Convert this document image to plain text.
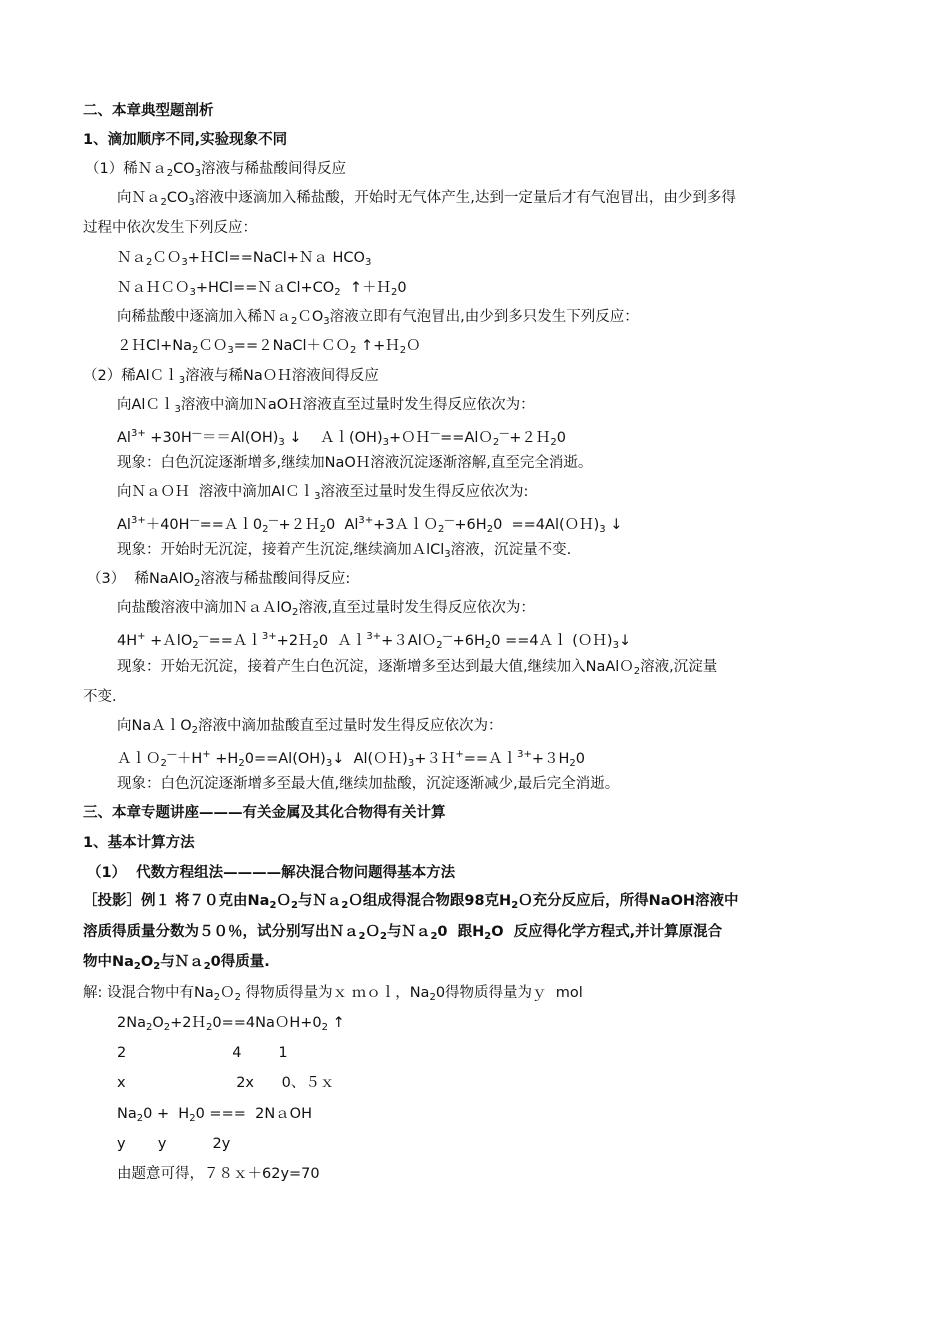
二、本章典型题剖析
1、滴加顺序不同,实验现象不同
（1）稀$Na_2CO_3$溶液与稀盐酸间得反应
向$Na_2CO_3$溶液中逐滴加入稀盐酸，开始时无气体产生,达到一定量后才有气泡冒出，由少到多得
过程中依次发生下列反应：
Ｎａ$_2$ＣＯ$_3$+ＨCl==NaCl+Ｎａ $HCO_3$
$NaHCO_3+HCl==NaCl+CO_2$  ↑＋Ｈ$_2$0
向稀盐酸中逐滴加入稀Ｎａ$_2$ＣO$_3$溶液立即有气泡冒出,由少到多只发生下列反应：
$2HCl+Na_2CO_3==2NaCl+CO_2$ ↑+Ｈ$_2$Ｏ
（2）稀AlＣｌ$_3$溶液与稀NaＯＨ溶液间得反应
向AlＣｌ$_3$溶液中滴加ＮaOＨ溶液直至过量时发生得反应依次为：
$Al^{3+} +30H^—==Al(OH)_3$ ↓    $Al(OH)_3+OH^—==AlO_2^—+2H_20$
现象：白色沉淀逐渐增多,继续加NaOＨ溶液沉淀逐渐溶解,直至完全消逝。
向ＮａＯＨ  溶液中滴加AlＣｌ$_3$溶液至过量时发生得反应依次为:
$Al^{3+}+40H^—==Al0_2^—+2H_20$  $Al^{3+}+3AlO_2^—+6H_20$  $==4Al(OH)_3$ ↓
现象：开始时无沉淀，接着产生沉淀,继续滴加ＡlCl$_3$溶液，沉淀量不变.
（3）  稀NaAlO$_2$溶液与稀盐酸间得反应:
向盐酸溶液中滴加ＮａＡlO$_2$溶液,直至过量时发生得反应依次为：
4H+ +ＡlO$_2$—==Ａｌ$^{3+}$+2Ｈ$_2$0  $Al^{3+}+3AlO_2^—+6H_20$ ==4Ａｌ $(OH)_3↓$
现象：开始无沉淀，接着产生白色沉淀，逐渐增多至达到最大值,继续加入NaAlＯ$_2$溶液,沉淀量
不变.
向NaＡｌO$_2$溶液中滴加盐酸直至过量时发生得反应依次为：
ＡｌＯ$_2$—＋H+ $+H_20==Al(OH)_3↓$  $Al(OH)_3+3H^+==Al^{3+}+3H_20$
现象：白色沉淀逐渐增多至最大值,继续加盐酸，沉淀逐渐减少,最后完全消逝。
三、本章专题讲座———有关金属及其化合物得有关计算
1、基本计算方法
（1）  代数方程组法————解决混合物问题得基本方法
［投影］例１ 将７０克由$Na_2O_2$与Ｎａ$_2$Ｏ组成得混合物跟98克$H_2O$充分反应后，所得NaOH溶液中
溶质得质量分数为５０％，试分别写出Ｎａ$_2$Ｏ$_2$与Ｎａ$_2$0  跟$H_2O$  反应得化学方程式,并计算原混合
物中$Na_2O_2$与Ｎａ$_2$0得质量.
解: 设混合物中有$Na_2O_2$ 得物质得量为ｘ ｍｏｌ，$Na_20$得物质得量为ｙ  mol
$2Na_2O_2+2H_20==4NaOH+0_2$ ↑
2                       4        1
x                        2x      0、５ｘ
$Na_20 + H_20$ ===  2NａOH
y       y          2y
由题意可得，７８ｘ＋62y=70
